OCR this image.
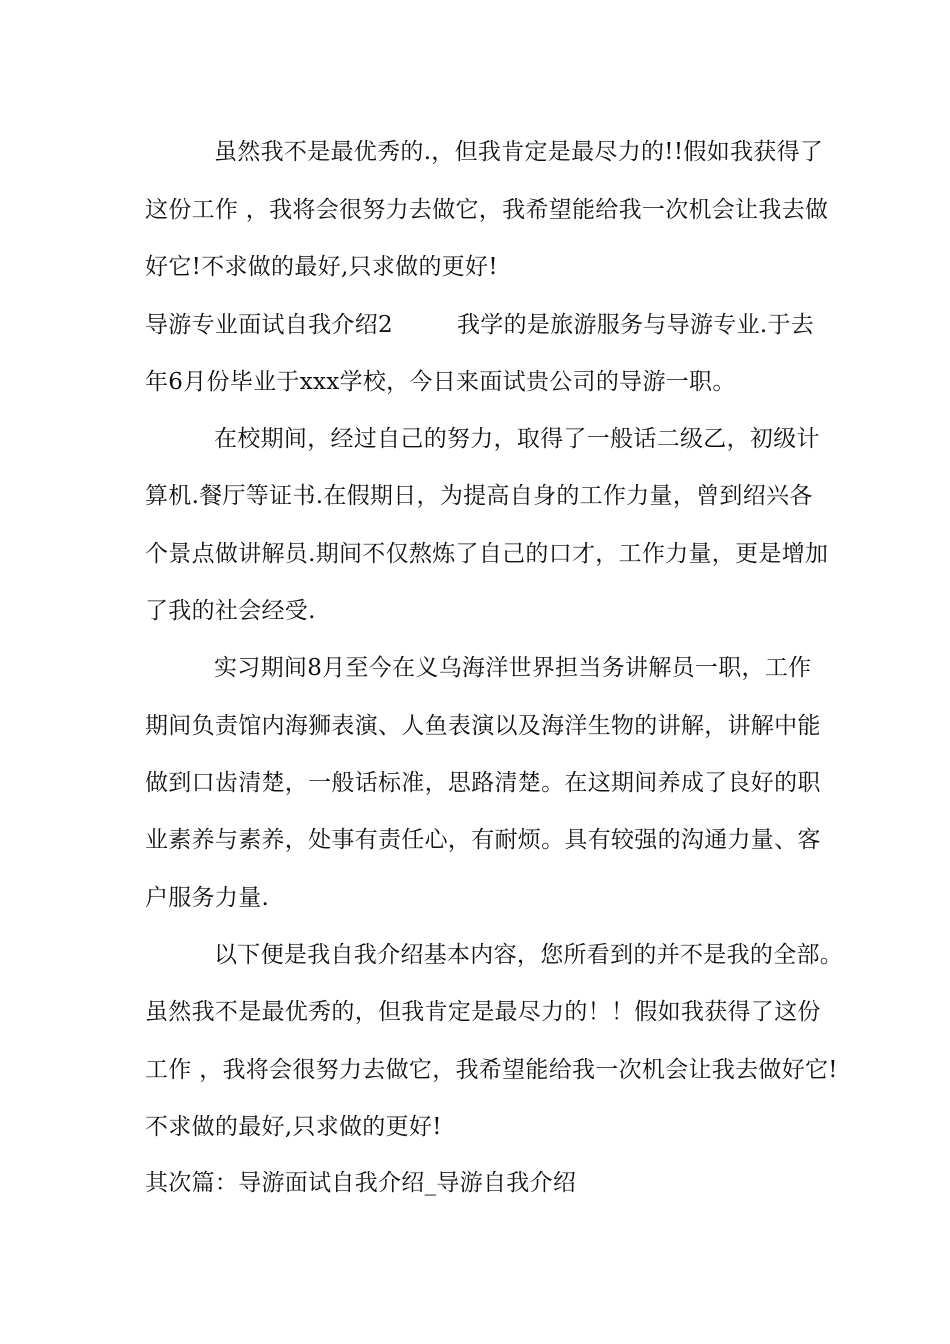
虽然我不是最优秀的.，但我肯定是最尽力的!!假如我获得了
这份工作 ，我将会很努力去做它，我希望能给我一次机会让我去做
好它!不求做的最好,只求做的更好!
导游专业面试自我介绍2	我学的是旅游服务与导游专业.于去
年6月份毕业于xxx学校，今日来面试贵公司的导游一职。
在校期间，经过自己的努力，取得了一般话二级乙，初级计
算机.餐厅等证书.在假期日，为提高自身的工作力量，曾到绍兴各
个景点做讲解员.期间不仅熬炼了自己的口才，工作力量，更是增加
了我的社会经受.
实习期间8月至今在义乌海洋世界担当务讲解员一职，工作
期间负责馆内海狮表演、人鱼表演以及海洋生物的讲解，讲解中能
做到口齿清楚，一般话标准，思路清楚。在这期间养成了良好的职
业素养与素养，处事有责任心，有耐烦。具有较强的沟通力量、客
户服务力量.
以下便是我自我介绍基本内容，您所看到的并不是我的全部。
虽然我不是最优秀的，但我肯定是最尽力的！！假如我获得了这份
工作 ，我将会很努力去做它，我希望能给我一次机会让我去做好它!
不求做的最好,只求做的更好!
其次篇：导游面试自我介绍_导游自我介绍
